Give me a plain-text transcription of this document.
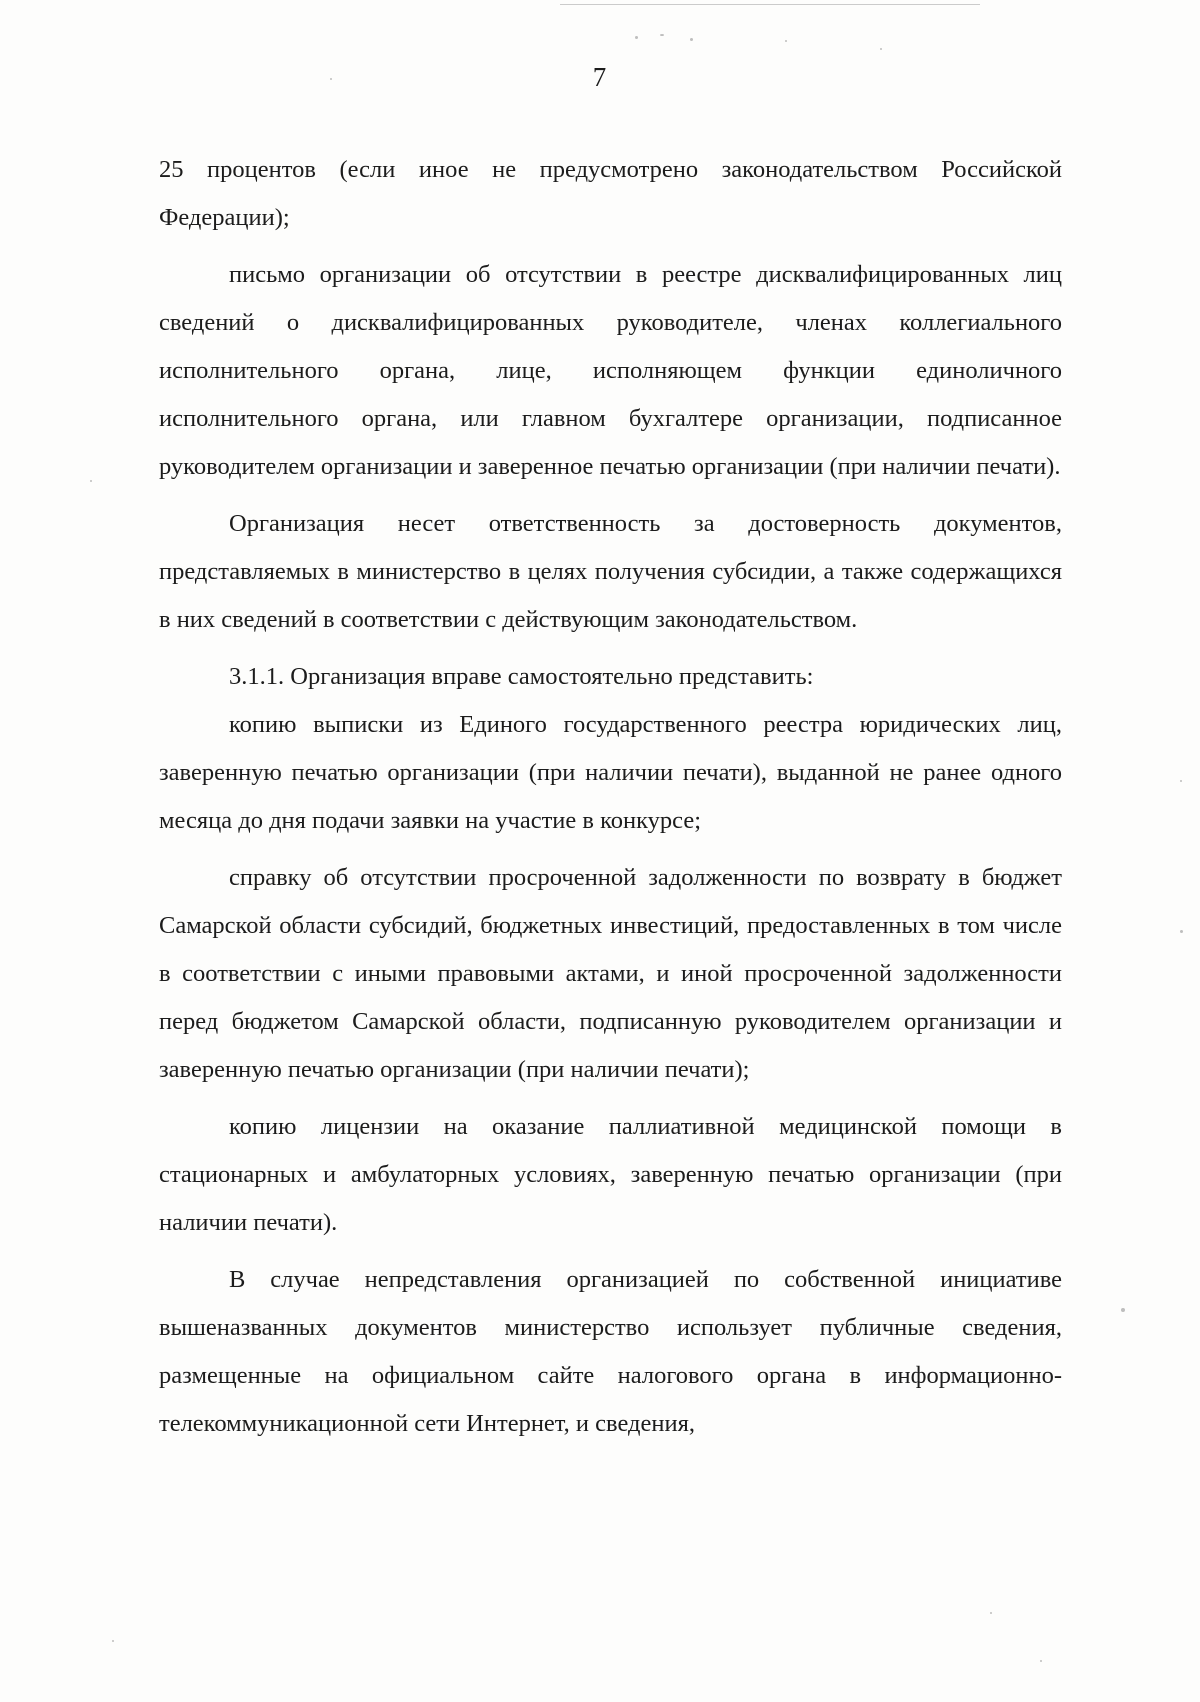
7

25 процентов (если иное не предусмотрено законодательством Российской Федерации);

письмо организации об отсутствии в реестре дисквалифицированных лиц сведений о дисквалифицированных руководителе, членах коллегиального исполнительного органа, лице, исполняющем функции единоличного исполнительного органа, или главном бухгалтере организации, подписанное руководителем организации и заверенное печатью организации (при наличии печати).

Организация несет ответственность за достоверность документов, представляемых в министерство в целях получения субсидии, а также содержащихся в них сведений в соответствии с действующим законодательством.

3.1.1. Организация вправе самостоятельно представить:

копию выписки из Единого государственного реестра юридических лиц, заверенную печатью организации (при наличии печати), выданной не ранее одного месяца до дня подачи заявки на участие в конкурсе;

справку об отсутствии просроченной задолженности по возврату в бюджет Самарской области субсидий, бюджетных инвестиций, предоставленных в том числе в соответствии с иными правовыми актами, и иной просроченной задолженности перед бюджетом Самарской области, подписанную руководителем организации и заверенную печатью организации (при наличии печати);

копию лицензии на оказание паллиативной медицинской помощи в стационарных и амбулаторных условиях, заверенную печатью организации (при наличии печати).

В случае непредставления организацией по собственной инициативе вышеназванных документов министерство использует публичные сведения, размещенные на официальном сайте налогового органа в информационно-телекоммуникационной сети Интернет, и сведения,
